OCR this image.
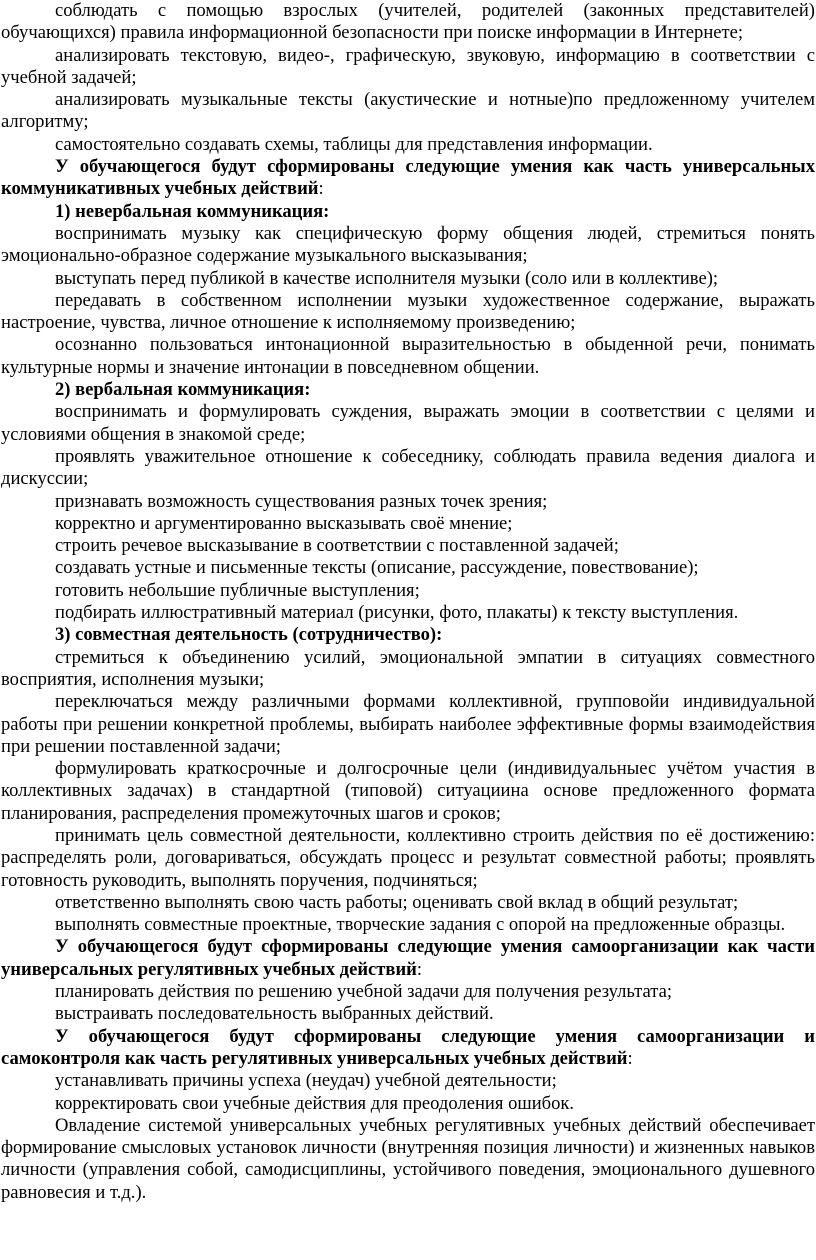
соблюдать с помощью взрослых (учителей, родителей (законных представителей) обучающихся) правила информационной безопасности при поиске информации в Интернете;

анализировать текстовую, видео-, графическую, звуковую, информацию в соответствии с учебной задачей;

анализировать музыкальные тексты (акустические и нотные)по предложенному учителем алгоритму;

самостоятельно создавать схемы, таблицы для представления информации.

У обучающегося будут сформированы следующие умения как часть универсальных коммуникативных учебных действий:

1) невербальная коммуникация:

воспринимать музыку как специфическую форму общения людей, стремиться понять эмоционально-образное содержание музыкального высказывания;

выступать перед публикой в качестве исполнителя музыки (соло или в коллективе);

передавать в собственном исполнении музыки художественное содержание, выражать настроение, чувства, личное отношение к исполняемому произведению;

осознанно пользоваться интонационной выразительностью в обыденной речи, понимать культурные нормы и значение интонации в повседневном общении.

2) вербальная коммуникация:

воспринимать и формулировать суждения, выражать эмоции в соответствии с целями и условиями общения в знакомой среде;

проявлять уважительное отношение к собеседнику, соблюдать правила ведения диалога и дискуссии;

признавать возможность существования разных точек зрения;

корректно и аргументированно высказывать своё мнение;

строить речевое высказывание в соответствии с поставленной задачей;

создавать устные и письменные тексты (описание, рассуждение, повествование);

готовить небольшие публичные выступления;

подбирать иллюстративный материал (рисунки, фото, плакаты) к тексту выступления.

3) совместная деятельность (сотрудничество):

стремиться к объединению усилий, эмоциональной эмпатии в ситуациях совместного восприятия, исполнения музыки;

переключаться между различными формами коллективной, групповойи индивидуальной работы при решении конкретной проблемы, выбирать наиболее эффективные формы взаимодействия при решении поставленной задачи;

формулировать краткосрочные и долгосрочные цели (индивидуальныес учётом участия в коллективных задачах) в стандартной (типовой) ситуациина основе предложенного формата планирования, распределения промежуточных шагов и сроков;

принимать цель совместной деятельности, коллективно строить действия по её достижению: распределять роли, договариваться, обсуждать процесс и результат совместной работы; проявлять готовность руководить, выполнять поручения, подчиняться;

ответственно выполнять свою часть работы; оценивать свой вклад в общий результат;

выполнять совместные проектные, творческие задания с опорой на предложенные образцы.

У обучающегося будут сформированы следующие умения самоорганизации как части универсальных регулятивных учебных действий:

планировать действия по решению учебной задачи для получения результата;

выстраивать последовательность выбранных действий.

У обучающегося будут сформированы следующие умения самоорганизации и самоконтроля как часть регулятивных универсальных учебных действий:

устанавливать причины успеха (неудач) учебной деятельности;

корректировать свои учебные действия для преодоления ошибок.

Овладение системой универсальных учебных регулятивных учебных действий обеспечивает формирование смысловых установок личности (внутренняя позиция личности) и жизненных навыков личности (управления собой, самодисциплины, устойчивого поведения, эмоционального душевного равновесия и т.д.).
